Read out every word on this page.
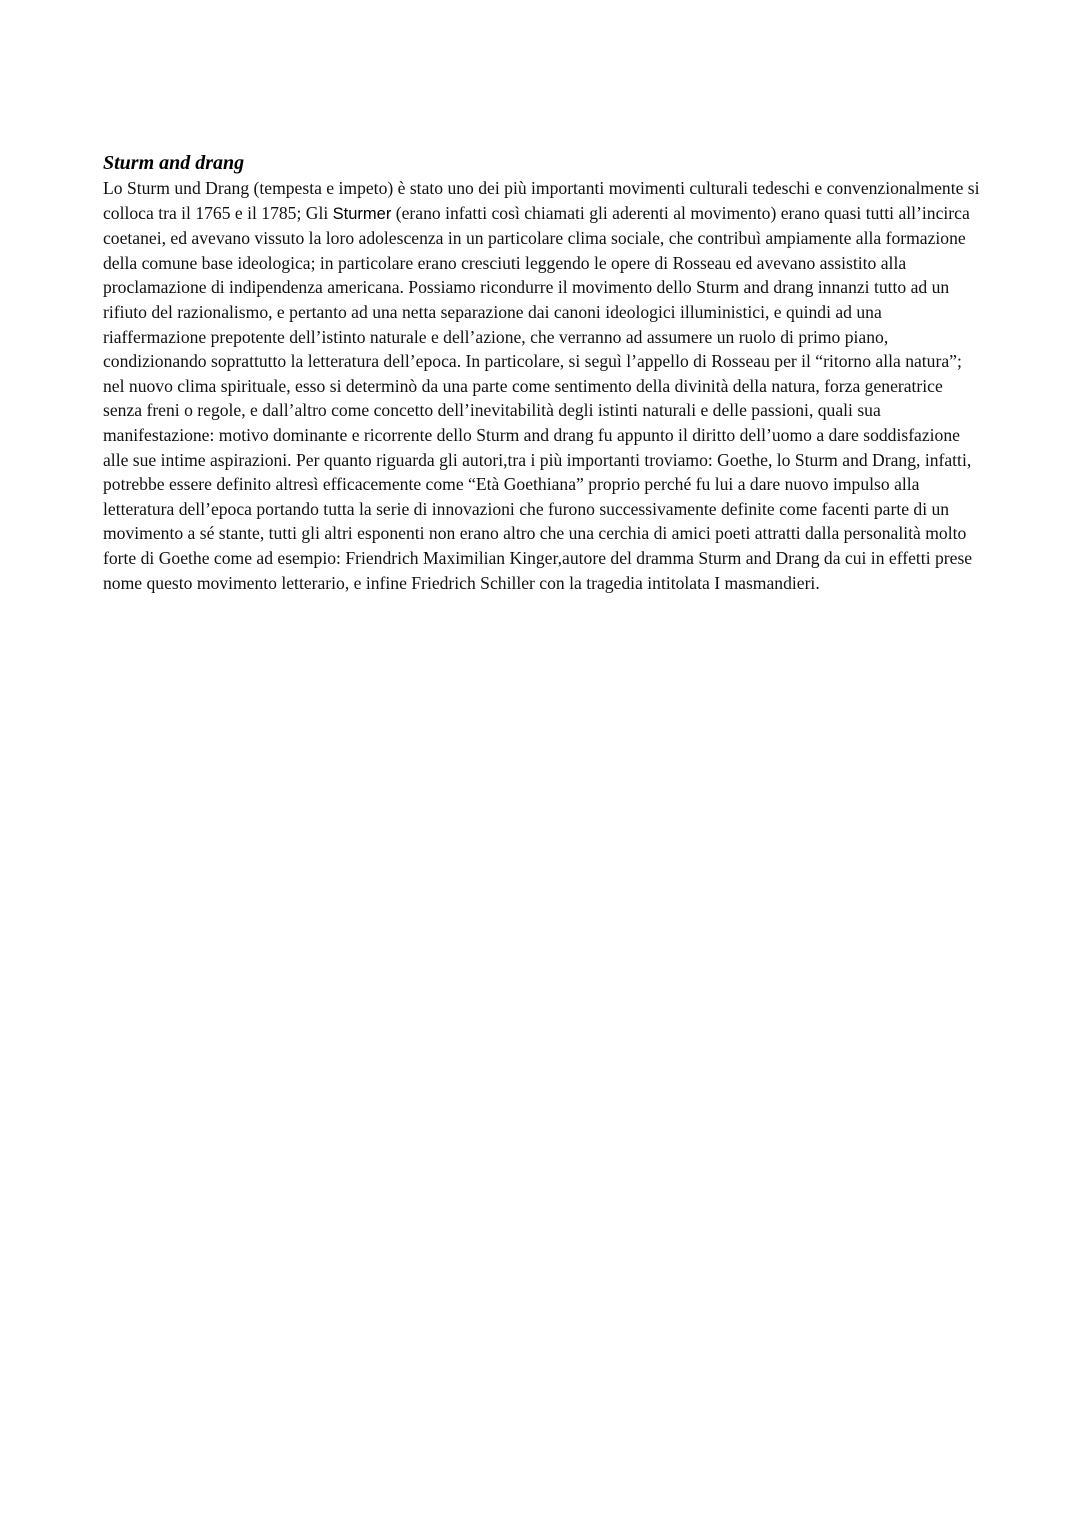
Sturm and drang

Lo Sturm und Drang (tempesta e impeto) è stato uno dei più importanti movimenti culturali tedeschi e convenzionalmente si colloca tra il 1765 e il 1785; Gli Sturmer (erano infatti così chiamati gli aderenti al movimento) erano quasi tutti all’incirca coetanei, ed avevano vissuto la loro adolescenza in un particolare clima sociale, che contribuì ampiamente alla formazione della comune base ideologica; in particolare erano cresciuti leggendo le opere di Rosseau ed avevano assistito alla proclamazione di indipendenza americana. Possiamo ricondurre il movimento dello Sturm and drang innanzi tutto ad un rifiuto del razionalismo, e pertanto ad una netta separazione dai canoni ideologici illuministici, e quindi ad una riaffermazione prepotente dell’istinto naturale e dell’azione, che verranno ad assumere un ruolo di primo piano, condizionando soprattutto la letteratura dell’epoca. In particolare, si seguì l’appello di Rosseau per il “ritorno alla natura”; nel nuovo clima spirituale, esso si determinò da una parte come sentimento della divinità della natura, forza generatrice senza freni o regole, e dall’altro come concetto dell’inevitabilità degli istinti naturali e delle passioni, quali sua manifestazione: motivo dominante e ricorrente dello Sturm and drang fu appunto il diritto dell’uomo a dare soddisfazione alle sue intime aspirazioni. Per quanto riguarda gli autori,tra i più importanti troviamo: Goethe, lo Sturm and Drang, infatti, potrebbe essere definito altresì efficacemente come “Età Goethiana” proprio perché fu lui a dare nuovo impulso alla letteratura dell’epoca portando tutta la serie di innovazioni che furono successivamente definite come facenti parte di un movimento a sé stante, tutti gli altri esponenti non erano altro che una cerchia di amici poeti attratti dalla personalità molto forte di Goethe come ad esempio: Friendrich Maximilian Kinger,autore del dramma Sturm and Drang da cui in effetti prese nome questo movimento letterario, e infine Friedrich Schiller con la tragedia intitolata I masmandieri.
